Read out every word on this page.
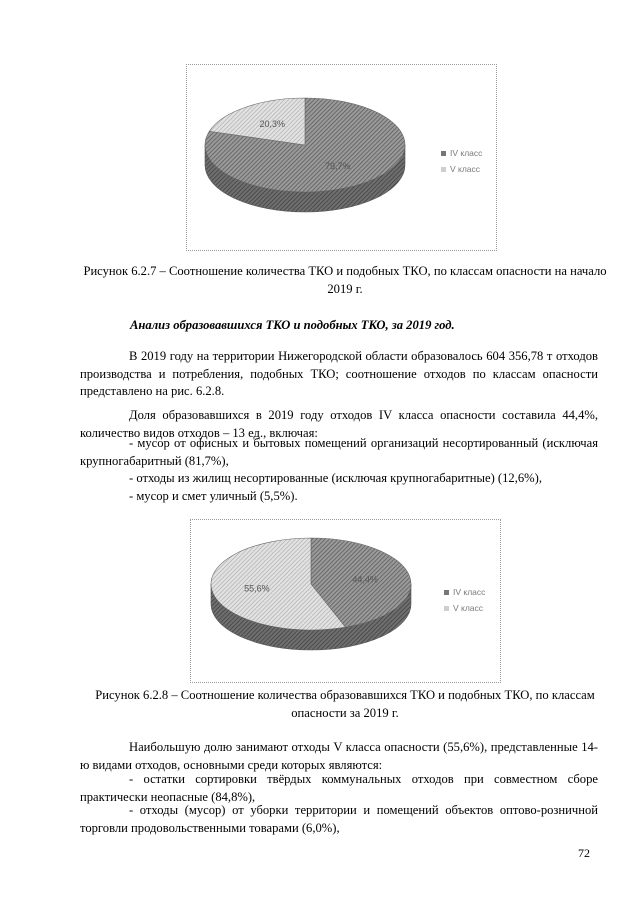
79,7%
20,3%
IV класс
V класс
Рисунок 6.2.7 – Соотношение количества ТКО и подобных ТКО, по классам опасности на начало 2019 г.
Анализ образовавшихся ТКО и подобных ТКО, за 2019 год.
В 2019 году на территории Нижегородской области образовалось 604 356,78 т отходов производства и потребления, подобных ТКО; соотношение отходов по классам опасности представлено на рис. 6.2.8.
Доля образовавшихся в 2019 году отходов IV класса опасности составила 44,4%, количество видов отходов – 13 ед., включая:
- мусор от офисных и бытовых помещений организаций несортированный (исключая крупногабаритный (81,7%),
- отходы из жилищ несортированные (исключая крупногабаритные) (12,6%),
- мусор и смет уличный (5,5%).
44,4%
55,6%	IV класс
V класс
Рисунок 6.2.8 – Соотношение количества образовавшихся ТКО и подобных ТКО, по классам опасности за 2019 г.
Наибольшую долю занимают отходы V класса опасности (55,6%), представленные 14-ю видами отходов, основными среди которых являются:
- остатки сортировки твёрдых коммунальных отходов при совместном сборе практически неопасные (84,8%),
- отходы (мусор) от уборки территории и помещений объектов оптово-розничной торговли продовольственными товарами (6,0%),
72
